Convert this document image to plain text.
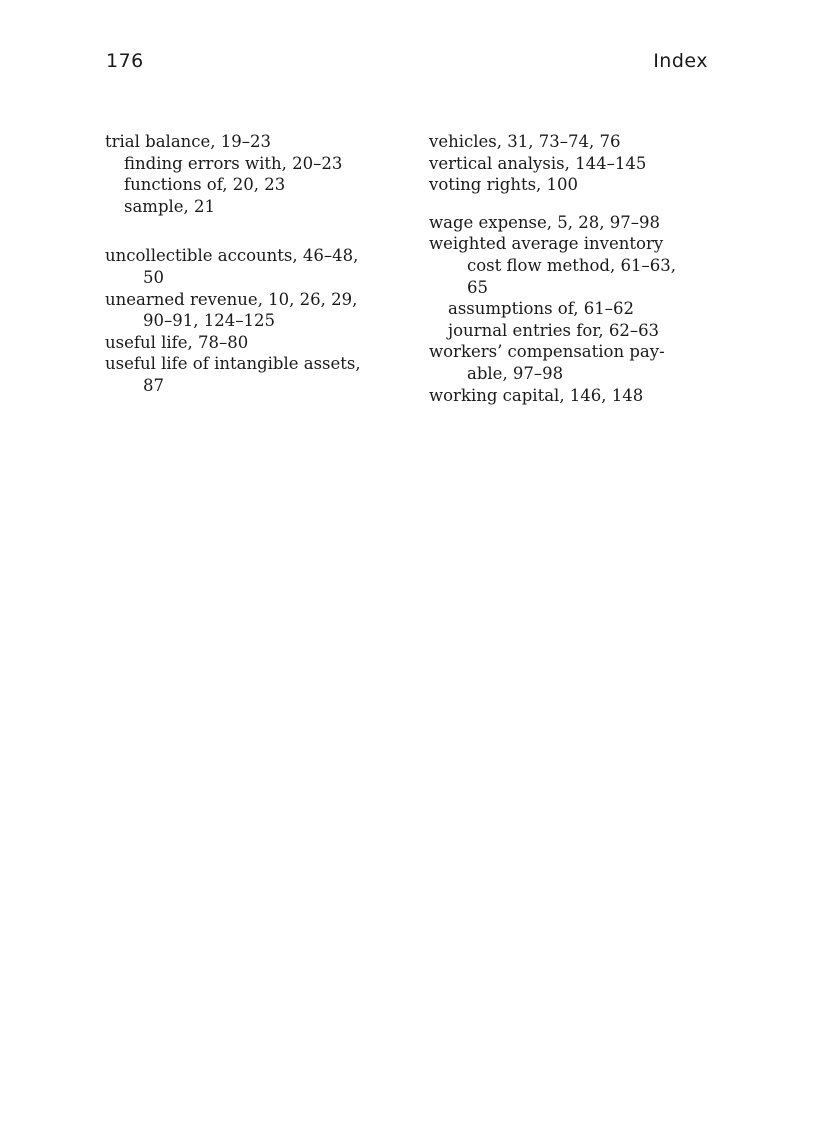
176	Index
trial balance, 19–23
finding errors with, 20–23
functions of, 20, 23
sample, 21
uncollectible accounts, 46–48,
50
unearned revenue, 10, 26, 29,
90–91, 124–125
useful life, 78–80
useful life of intangible assets,
87
vehicles, 31, 73–74, 76
vertical analysis, 144–145
voting rights, 100
wage expense, 5, 28, 97–98
weighted average inventory
cost flow method, 61–63,
65
assumptions of, 61–62
journal entries for, 62–63
workers’ compensation pay-
able, 97–98
working capital, 146, 148
